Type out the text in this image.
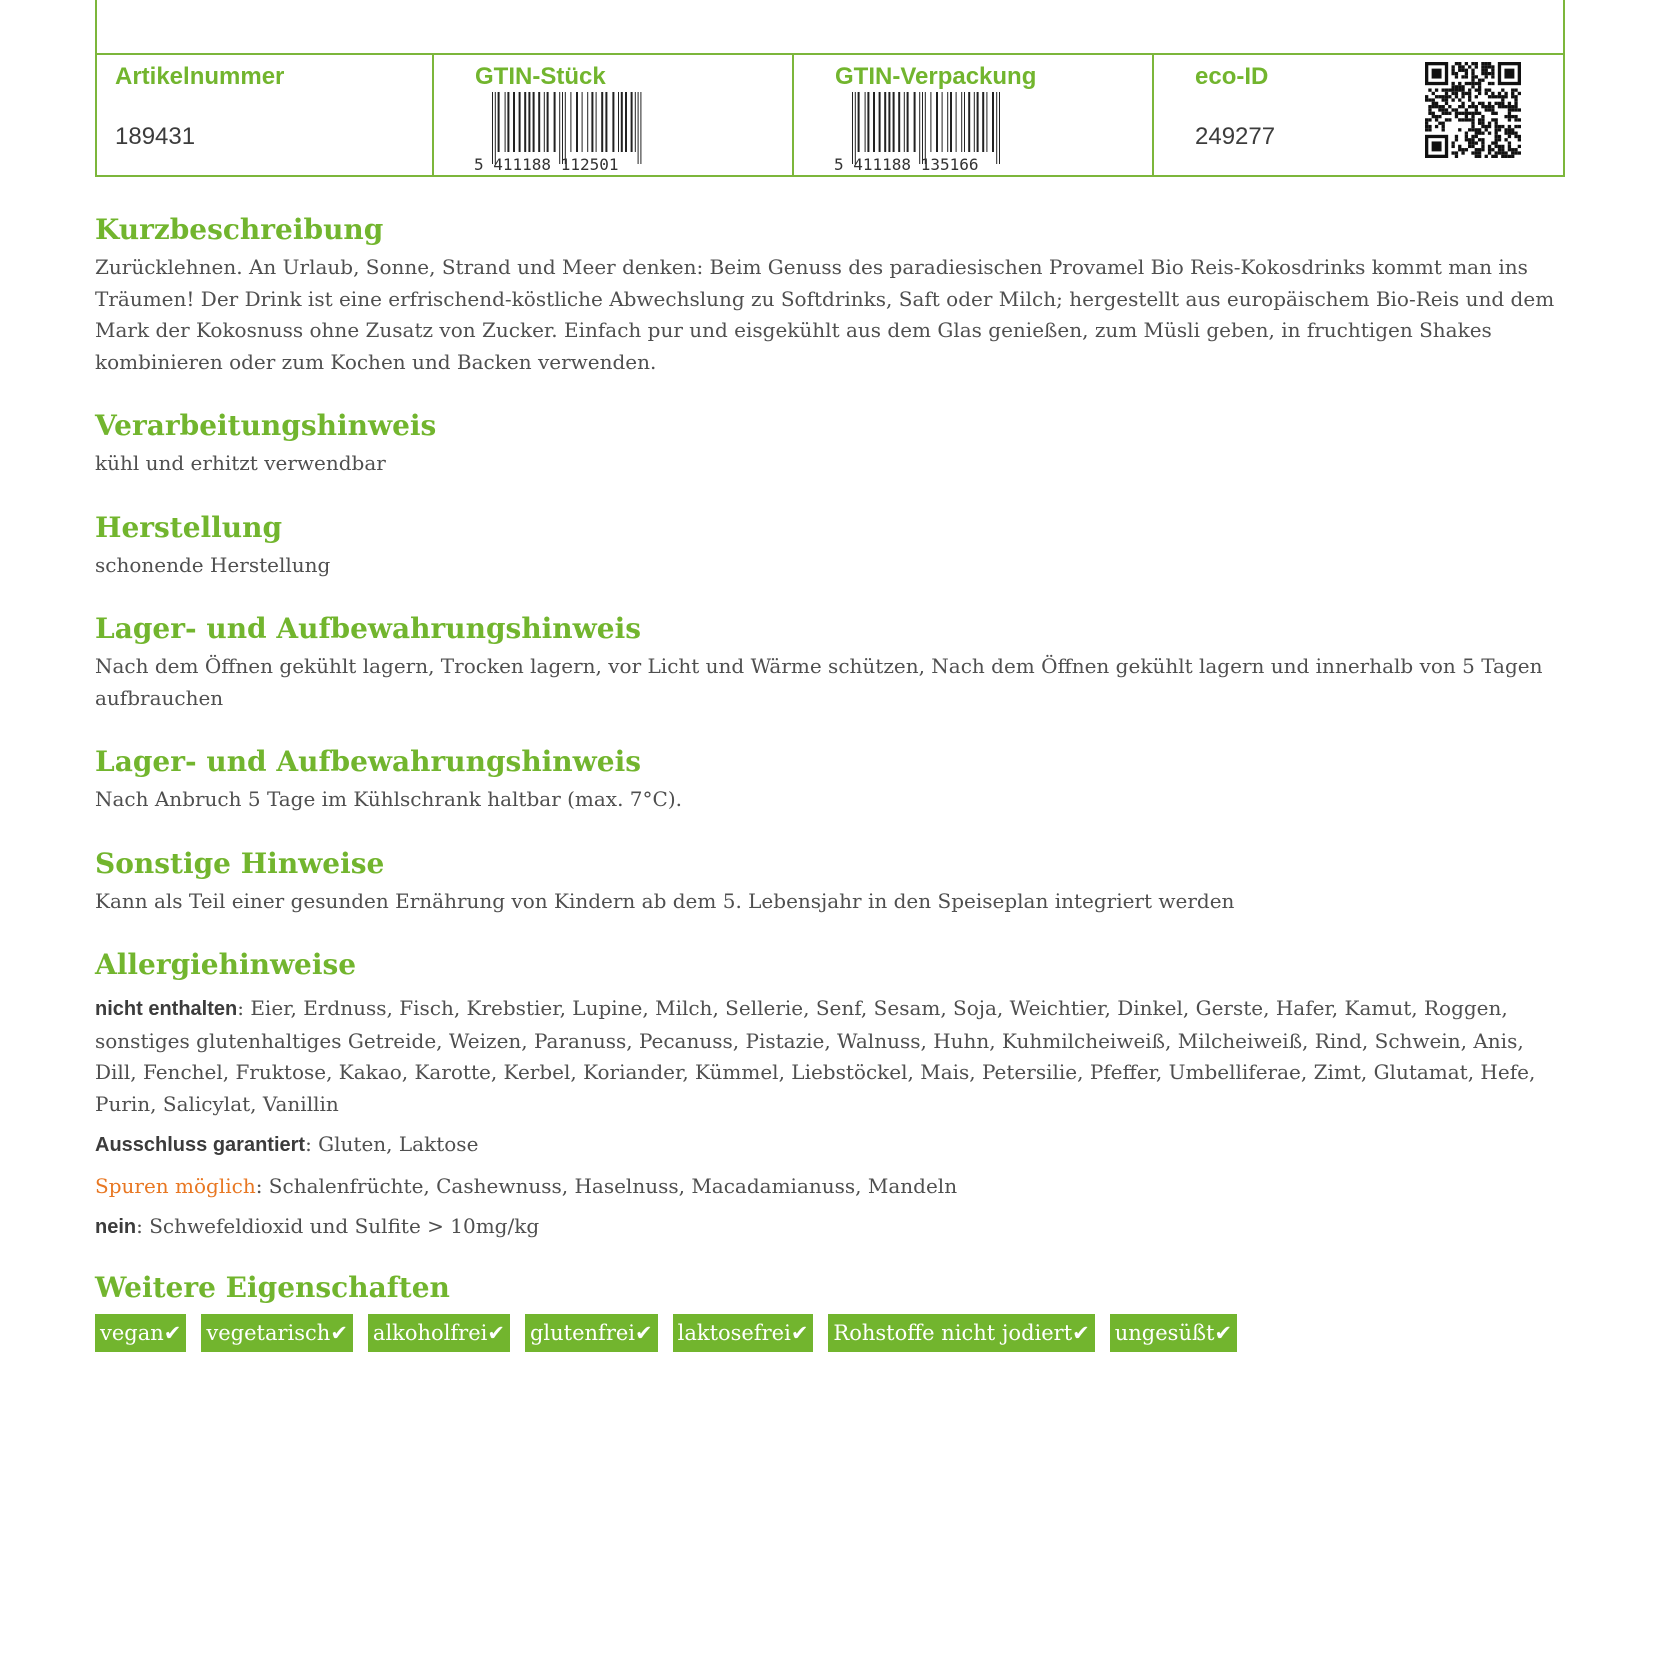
Artikelnummer
189431
GTIN-Stück
5 411188 112501
GTIN-Verpackung
5 411188 135166
eco-ID
249277
Kurzbeschreibung

Zurücklehnen. An Urlaub, Sonne, Strand und Meer denken: Beim Genuss des paradiesischen Provamel Bio Reis-Kokosdrinks kommt man ins Träumen! Der Drink ist eine erfrischend-köstliche Abwechslung zu Softdrinks, Saft oder Milch; hergestellt aus europäischem Bio-Reis und dem Mark der Kokosnuss ohne Zusatz von Zucker. Einfach pur und eisgekühlt aus dem Glas genießen, zum Müsli geben, in fruchtigen Shakes kombinieren oder zum Kochen und Backen verwenden.

Verarbeitungshinweis

kühl und erhitzt verwendbar

Herstellung

schonende Herstellung

Lager- und Aufbewahrungshinweis

Nach dem Öffnen gekühlt lagern, Trocken lagern, vor Licht und Wärme schützen, Nach dem Öffnen gekühlt lagern und innerhalb von 5 Tagen aufbrauchen

Lager- und Aufbewahrungshinweis

Nach Anbruch 5 Tage im Kühlschrank haltbar (max. 7°C).

Sonstige Hinweise

Kann als Teil einer gesunden Ernährung von Kindern ab dem 5. Lebensjahr in den Speiseplan integriert werden

Allergiehinweise

nicht enthalten: Eier, Erdnuss, Fisch, Krebstier, Lupine, Milch, Sellerie, Senf, Sesam, Soja, Weichtier, Dinkel, Gerste, Hafer, Kamut, Roggen, sonstiges glutenhaltiges Getreide, Weizen, Paranuss, Pecanuss, Pistazie, Walnuss, Huhn, Kuhmilcheiweiß, Milcheiweiß, Rind, Schwein, Anis, Dill, Fenchel, Fruktose, Kakao, Karotte, Kerbel, Koriander, Kümmel, Liebstöckel, Mais, Petersilie, Pfeffer, Umbelliferae, Zimt, Glutamat, Hefe, Purin, Salicylat, Vanillin

Ausschluss garantiert: Gluten, Laktose

Spuren möglich: Schalenfrüchte, Cashewnuss, Haselnuss, Macadamianuss, Mandeln

nein: Schwefeldioxid und Sulfite > 10mg/kg

Weitere Eigenschaften
vegan✔ vegetarisch✔ alkoholfrei✔ glutenfrei✔ laktosefrei✔ Rohstoffe nicht jodiert✔ ungesüßt✔
